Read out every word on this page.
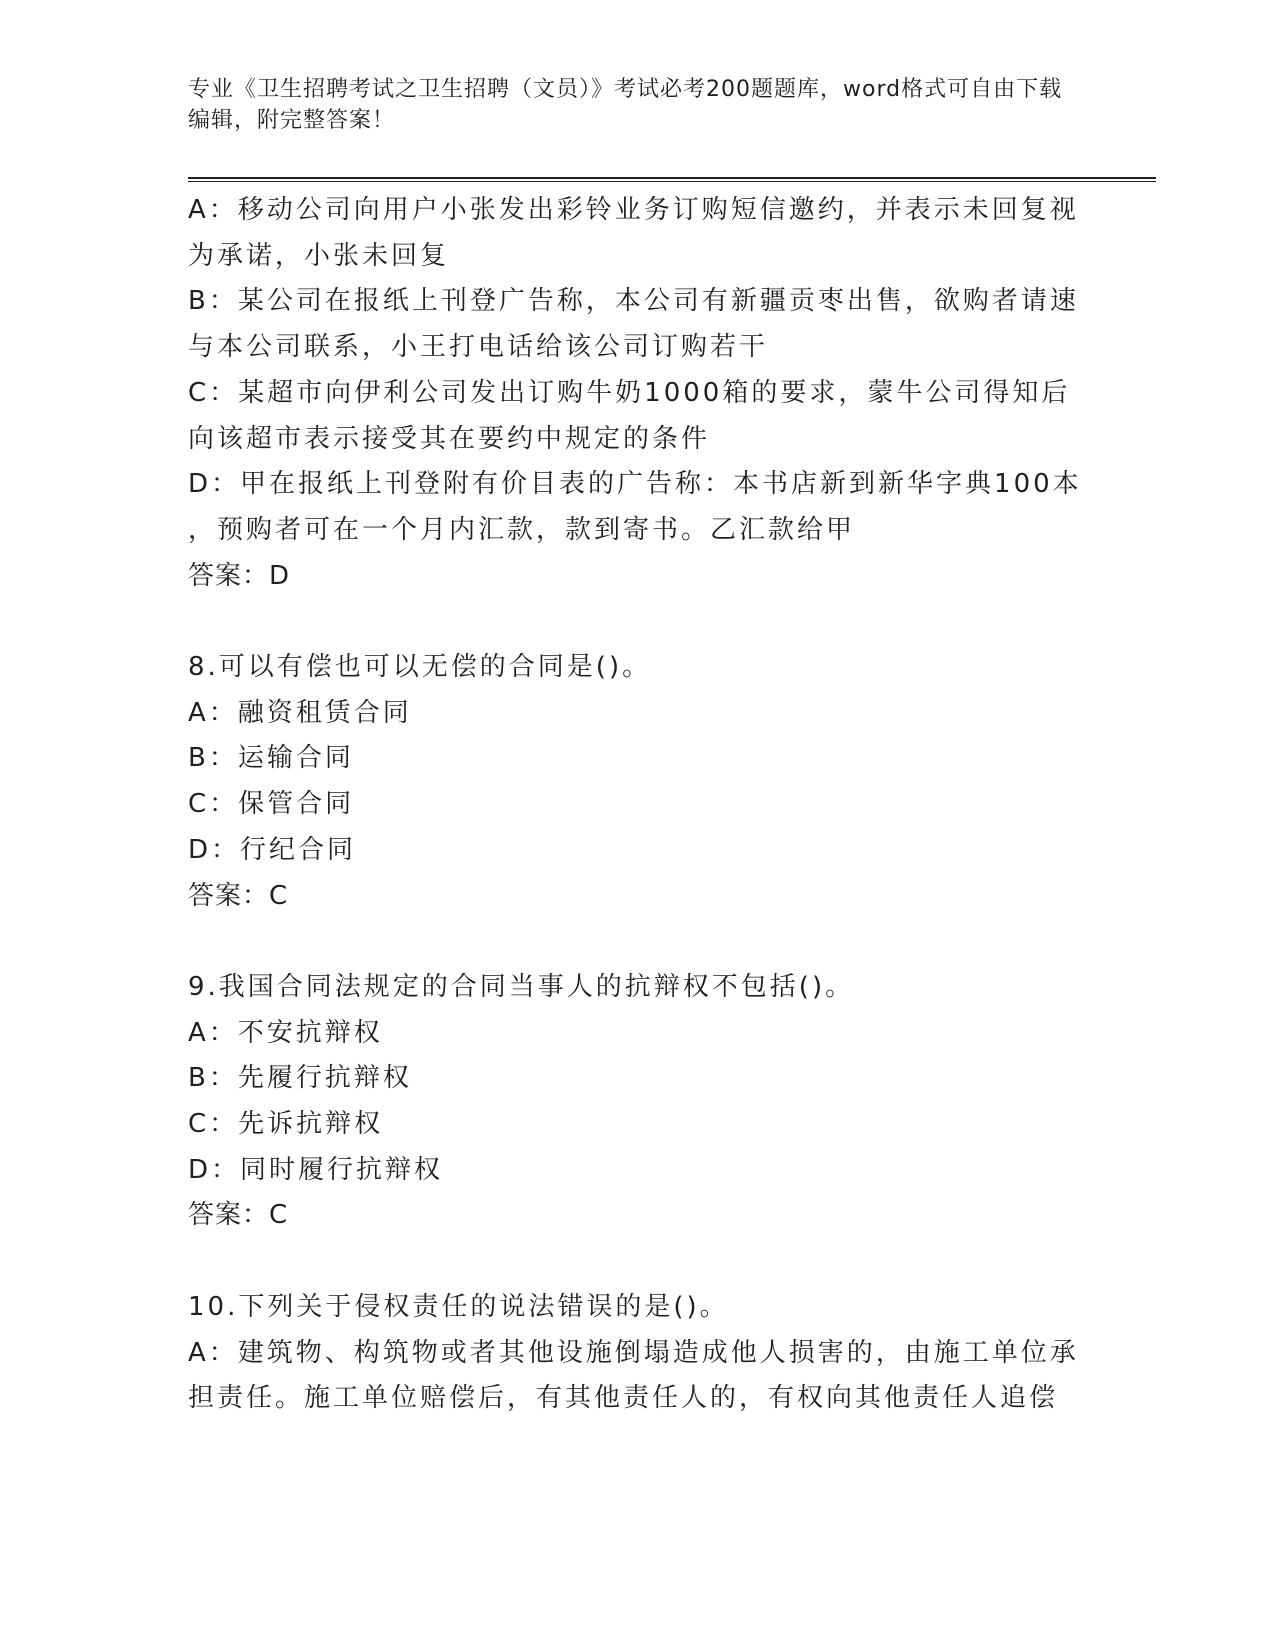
专业《卫生招聘考试之卫生招聘（文员）》考试必考200题题库，word格式可自由下载编辑，附完整答案！
A：移动公司向用户小张发出彩铃业务订购短信邀约，并表示未回复视
为承诺，小张未回复
B：某公司在报纸上刊登广告称，本公司有新疆贡枣出售，欲购者请速
与本公司联系，小王打电话给该公司订购若干
C：某超市向伊利公司发出订购牛奶1000箱的要求，蒙牛公司得知后
向该超市表示接受其在要约中规定的条件
D：甲在报纸上刊登附有价目表的广告称：本书店新到新华字典100本
，预购者可在一个月内汇款，款到寄书。乙汇款给甲
答案：D
8.可以有偿也可以无偿的合同是()。
A：融资租赁合同
B：运输合同
C：保管合同
D：行纪合同
答案：C
9.我国合同法规定的合同当事人的抗辩权不包括()。
A：不安抗辩权
B：先履行抗辩权
C：先诉抗辩权
D：同时履行抗辩权
答案：C
10.下列关于侵权责任的说法错误的是()。
A：建筑物、构筑物或者其他设施倒塌造成他人损害的，由施工单位承
担责任。施工单位赔偿后，有其他责任人的，有权向其他责任人追偿
